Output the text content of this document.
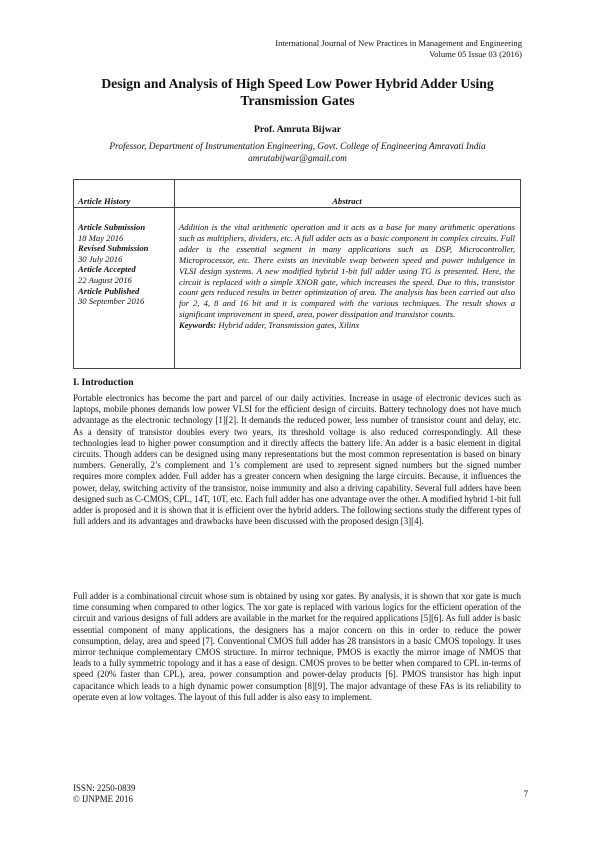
International Journal of New Practices in Management and Engineering
Volume 05 Issue 03 (2016)
Design and Analysis of High Speed Low Power Hybrid Adder Using Transmission Gates
Prof. Amruta Bijwar
Professor, Department of Instrumentation Engineering, Govt. College of Engineering Amravati India
amrutabijwar@gmail.com
Article History	Abstract
Article Submission
18 May 2016
Revised Submission
30 July 2016
Article Accepted
22 August 2016
Article Published
30 September 2016
Addition is the vital arithmetic operation and it acts as a base for many arithmetic operations such as multipliers, dividers, etc. A full adder acts as a basic component in complex circuits. Full adder is the essential segment in many applications such as DSP, Microcontroller, Microprocessor, etc. There exists an inevitable swap between speed and power indulgence in VLSI design systems. A new modified hybrid 1-bit full adder using TG is presented. Here, the circuit is replaced with a simple XNOR gate, which increases the speed. Due to this, transistor count gets reduced results in better optimization of area. The analysis has been carried out also for 2, 4, 8 and 16 bit and it is compared with the various techniques. The result shows a significant improvement in speed, area, power dissipation and transistor counts.
Keywords: Hybrid adder, Transmission gates, Xilinx
I. Introduction
Portable electronics has become the part and parcel of our daily activities. Increase in usage of electronic devices such as laptops, mobile phones demands low power VLSI for the efficient design of circuits. Battery technology does not have much advantage as the electronic technology [1][2]. It demands the reduced power, less number of transistor count and delay, etc. As a density of transistor doubles every two years, its threshold voltage is also reduced correspondingly. All these technologies lead to higher power consumption and it directly affects the battery life. An adder is a basic element in digital circuits. Though adders can be designed using many representations but the most common representation is based on binary numbers. Generally, 2’s complement and 1’s complement are used to represent signed numbers but the signed number requires more complex adder. Full adder has a greater concern when designing the large circuits. Because, it influences the power, delay, switching activity of the transistor, noise immunity and also a driving capability. Several full adders have been designed such as C-CMOS, CPL, 14T, 10T, etc. Each full adder has one advantage over the other. A modified hybrid 1-bit full adder is proposed and it is shown that it is efficient over the hybrid adders. The following sections study the different types of full adders and its advantages and drawbacks have been discussed with the proposed design [3][4].
Full adder is a combinational circuit whose sum is obtained by using xor gates. By analysis, it is shown that xor gate is much time consuming when compared to other logics. The xor gate is replaced with various logics for the efficient operation of the circuit and various designs of full adders are available in the market for the required applications [5][6]. As full adder is basic essential component of many applications, the designers has a major concern on this in order to reduce the power consumption, delay, area and speed [7]. Conventional CMOS full adder has 28 transistors in a basic CMOS topology. It uses mirror technique complementary CMOS structure. In mirror technique, PMOS is exactly the mirror image of NMOS that leads to a fully symmetric topology and it has a ease of design. CMOS proves to be better when compared to CPL in-terms of speed (20% faster than CPL), area, power consumption and power-delay products [6]. PMOS transistor has high input capacitance which leads to a high dynamic power consumption [8][9]. The major advantage of these FAs is its reliability to operate even at low voltages. The layout of this full adder is also easy to implement.
ISSN: 2250-0839
© IJNPME 2016	7
